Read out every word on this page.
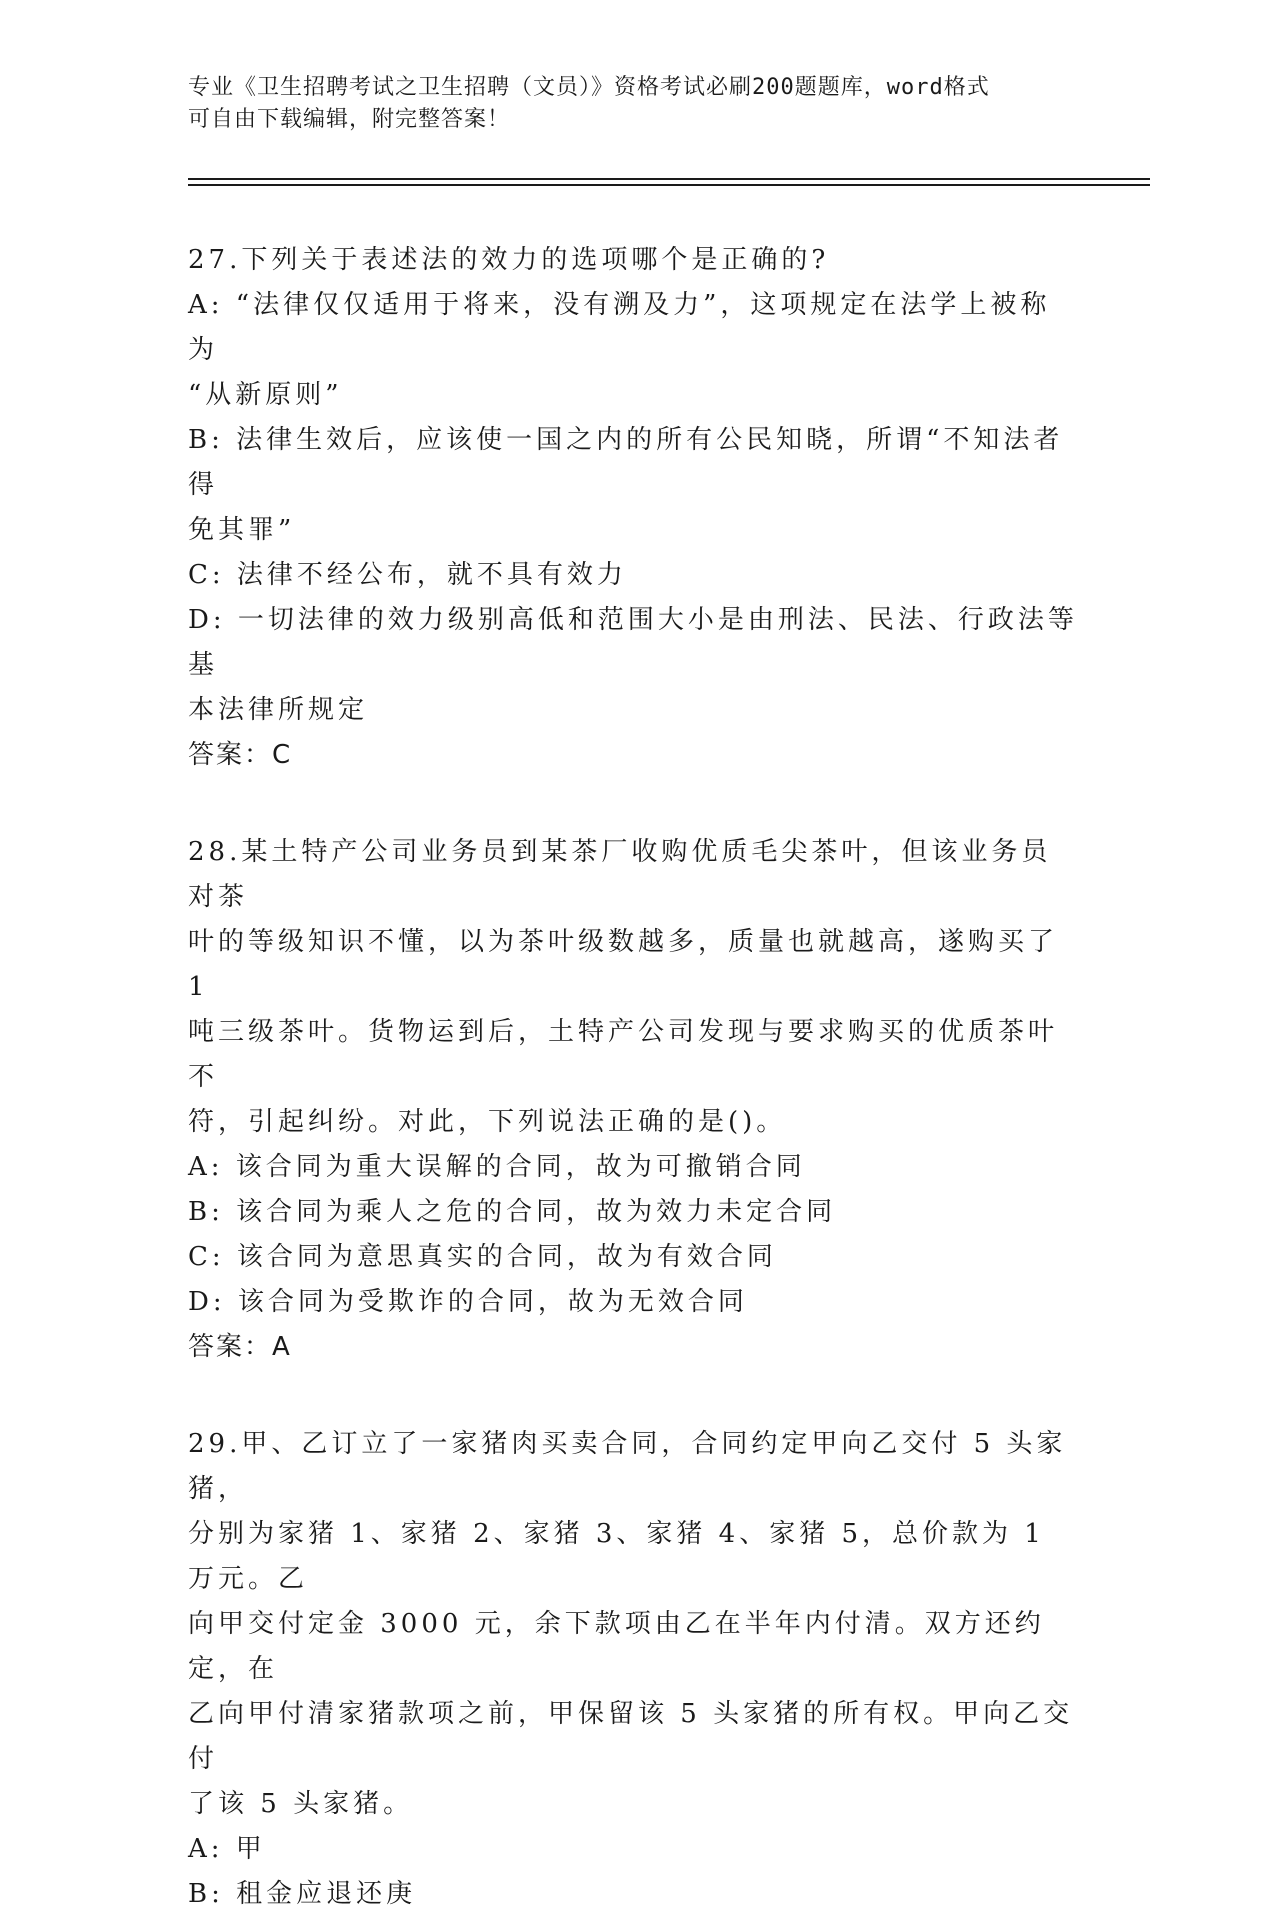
专业《卫生招聘考试之卫生招聘（文员）》资格考试必刷200题题库，word格式
可自由下载编辑，附完整答案！

27.下列关于表述法的效力的选项哪个是正确的?

A: “法律仅仅适用于将来，没有溯及力”，这项规定在法学上被称为

“从新原则”

B: 法律生效后，应该使一国之内的所有公民知晓，所谓“不知法者得

免其罪”

C: 法律不经公布，就不具有效力

D: 一切法律的效力级别高低和范围大小是由刑法、民法、行政法等基

本法律所规定

答案：C

28.某土特产公司业务员到某茶厂收购优质毛尖茶叶，但该业务员对茶

叶的等级知识不懂，以为茶叶级数越多，质量也就越高，遂购买了 1

吨三级茶叶。货物运到后，土特产公司发现与要求购买的优质茶叶不

符，引起纠纷。对此，下列说法正确的是()。

A: 该合同为重大误解的合同，故为可撤销合同

B: 该合同为乘人之危的合同，故为效力未定合同

C: 该合同为意思真实的合同，故为有效合同

D: 该合同为受欺诈的合同，故为无效合同

答案：A

29.甲、乙订立了一家猪肉买卖合同，合同约定甲向乙交付 5 头家猪，

分别为家猪 1、家猪 2、家猪 3、家猪 4、家猪 5，总价款为 1 万元。乙

向甲交付定金 3000 元，余下款项由乙在半年内付清。双方还约定，在

乙向甲付清家猪款项之前，甲保留该 5 头家猪的所有权。甲向乙交付

了该 5 头家猪。

A: 甲

B: 租金应退还庚
